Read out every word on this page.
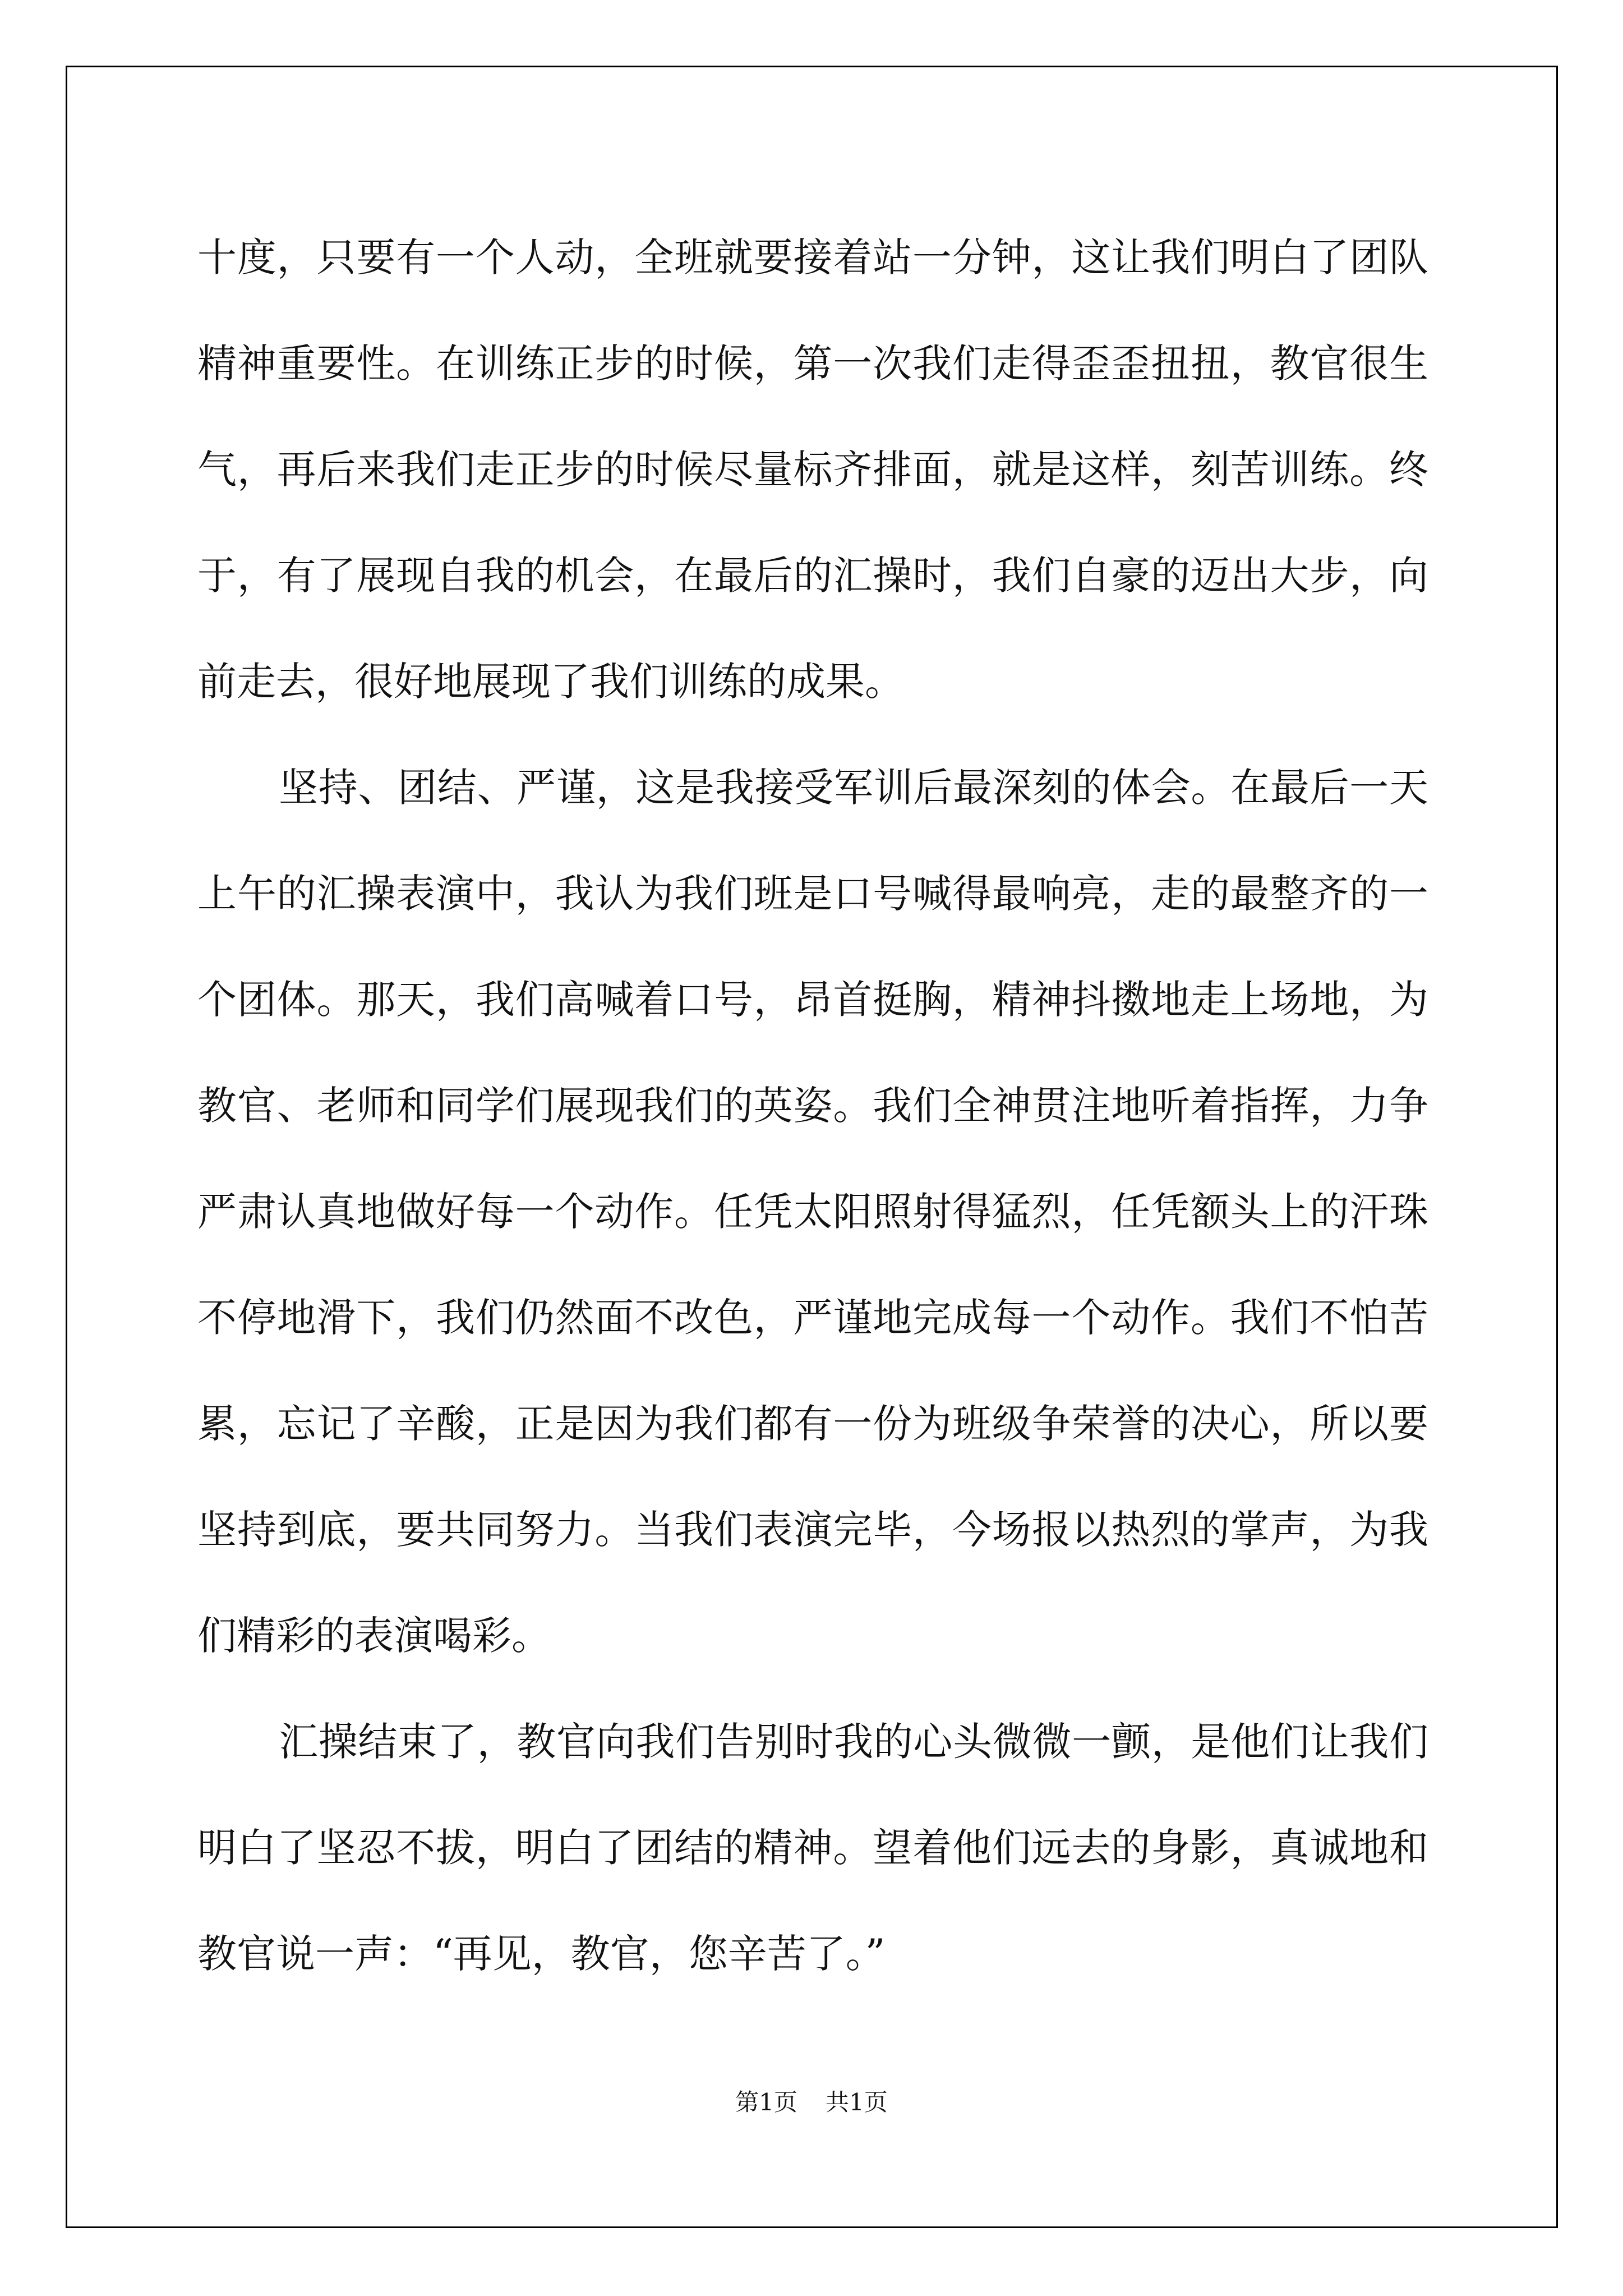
十度，只要有一个人动，全班就要接着站一分钟，这让我们明白了团队精神重要性。在训练正步的时候，第一次我们走得歪歪扭扭，教官很生气，再后来我们走正步的时候尽量标齐排面，就是这样，刻苦训练。终于，有了展现自我的机会，在最后的汇操时，我们自豪的迈出大步，向前走去，很好地展现了我们训练的成果。

坚持、团结、严谨，这是我接受军训后最深刻的体会。在最后一天上午的汇操表演中，我认为我们班是口号喊得最响亮，走的最整齐的一个团体。那天，我们高喊着口号，昂首挺胸，精神抖擞地走上场地，为教官、老师和同学们展现我们的英姿。我们全神贯注地听着指挥，力争严肃认真地做好每一个动作。任凭太阳照射得猛烈，任凭额头上的汗珠不停地滑下，我们仍然面不改色，严谨地完成每一个动作。我们不怕苦累，忘记了辛酸，正是因为我们都有一份为班级争荣誉的决心，所以要坚持到底，要共同努力。当我们表演完毕，今场报以热烈的掌声，为我们精彩的表演喝彩。

汇操结束了，教官向我们告别时我的心头微微一颤，是他们让我们明白了坚忍不拔，明白了团结的精神。望着他们远去的身影，真诚地和教官说一声：“再见，教官，您辛苦了。”

第1页 共1页
